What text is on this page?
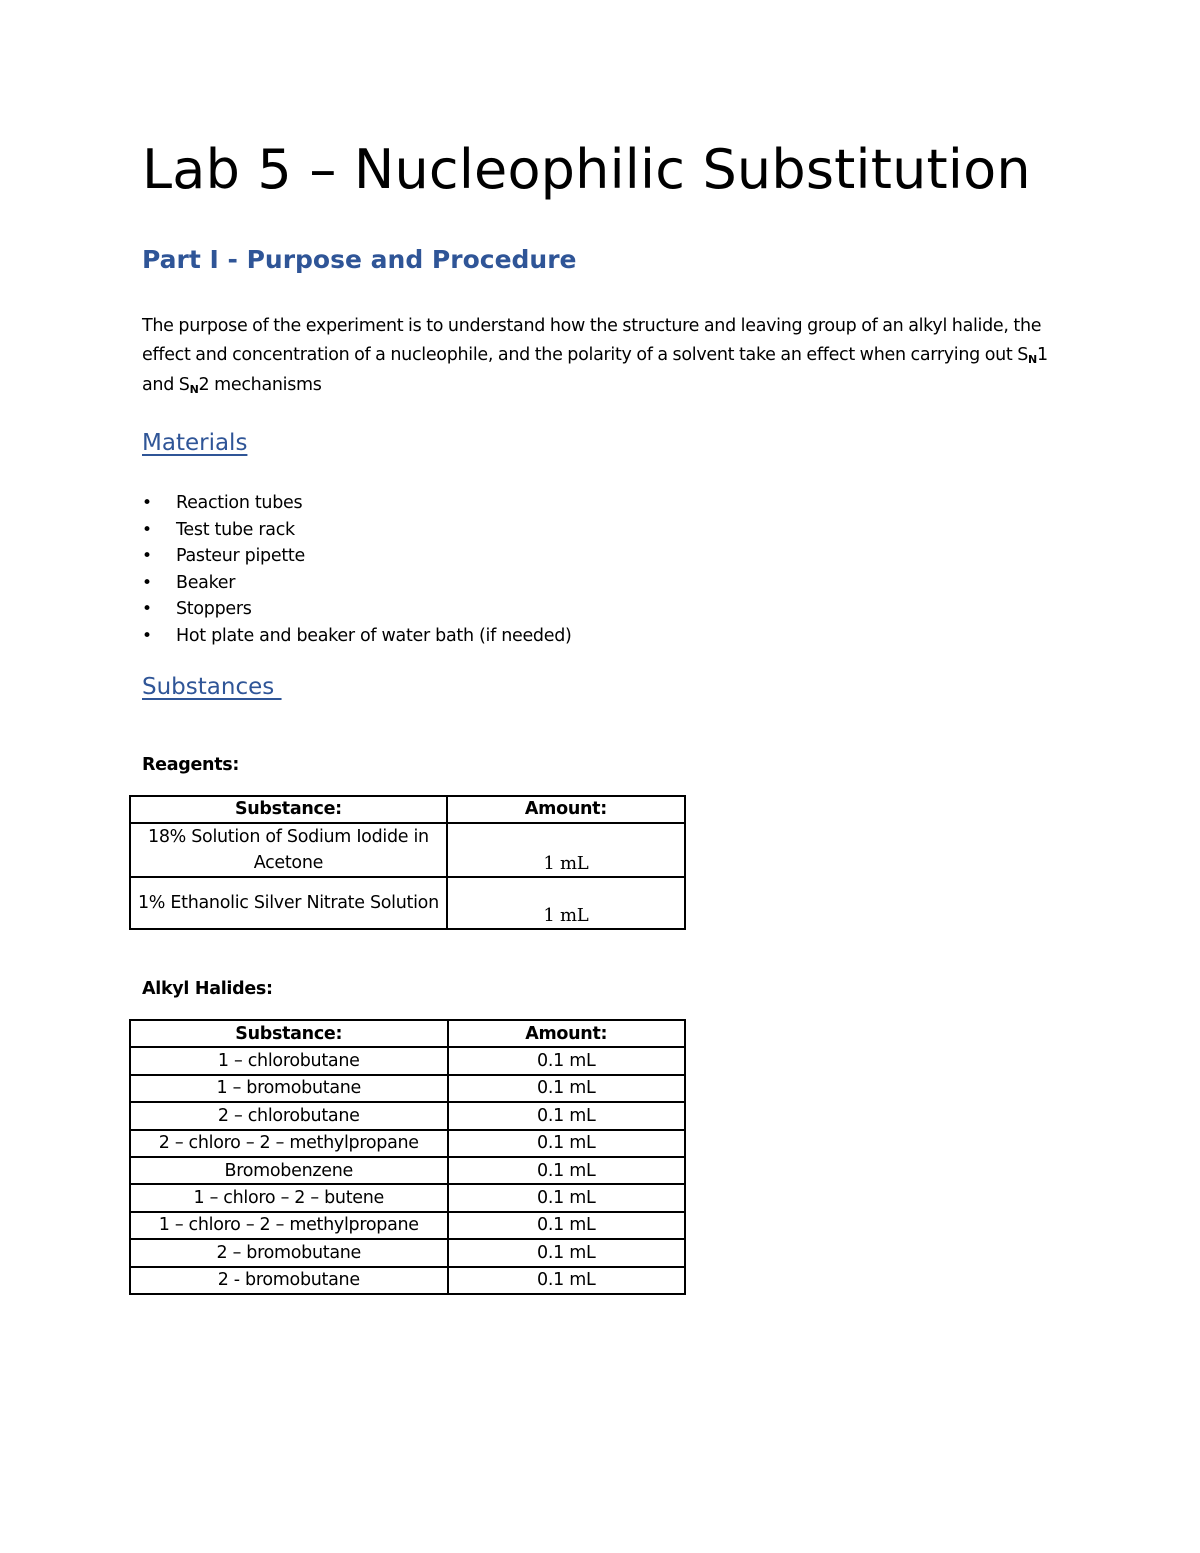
Lab 5 – Nucleophilic Substitution
Part I - Purpose and Procedure

The purpose of the experiment is to understand how the structure and leaving group of an alkyl halide, the effect and concentration of a nucleophile, and the polarity of a solvent take an effect when carrying out SN1 and SN2 mechanisms

Materials
• Reaction tubes
• Test tube rack
• Pasteur pipette
• Beaker
• Stoppers
• Hot plate and beaker of water bath (if needed)
Substances

Reagents:

Substance:	Amount:
18% Solution of Sodium Iodide in Acetone	1 mL
1% Ethanolic Silver Nitrate Solution	1 mL

Alkyl Halides:

Substance:	Amount:
1 – chlorobutane	0.1 mL
1 – bromobutane	0.1 mL
2 – chlorobutane	0.1 mL
2 – chloro – 2 – methylpropane	0.1 mL
Bromobenzene	0.1 mL
1 – chloro – 2 – butene	0.1 mL
1 – chloro – 2 – methylpropane	0.1 mL
2 – bromobutane	0.1 mL
2 - bromobutane	0.1 mL
